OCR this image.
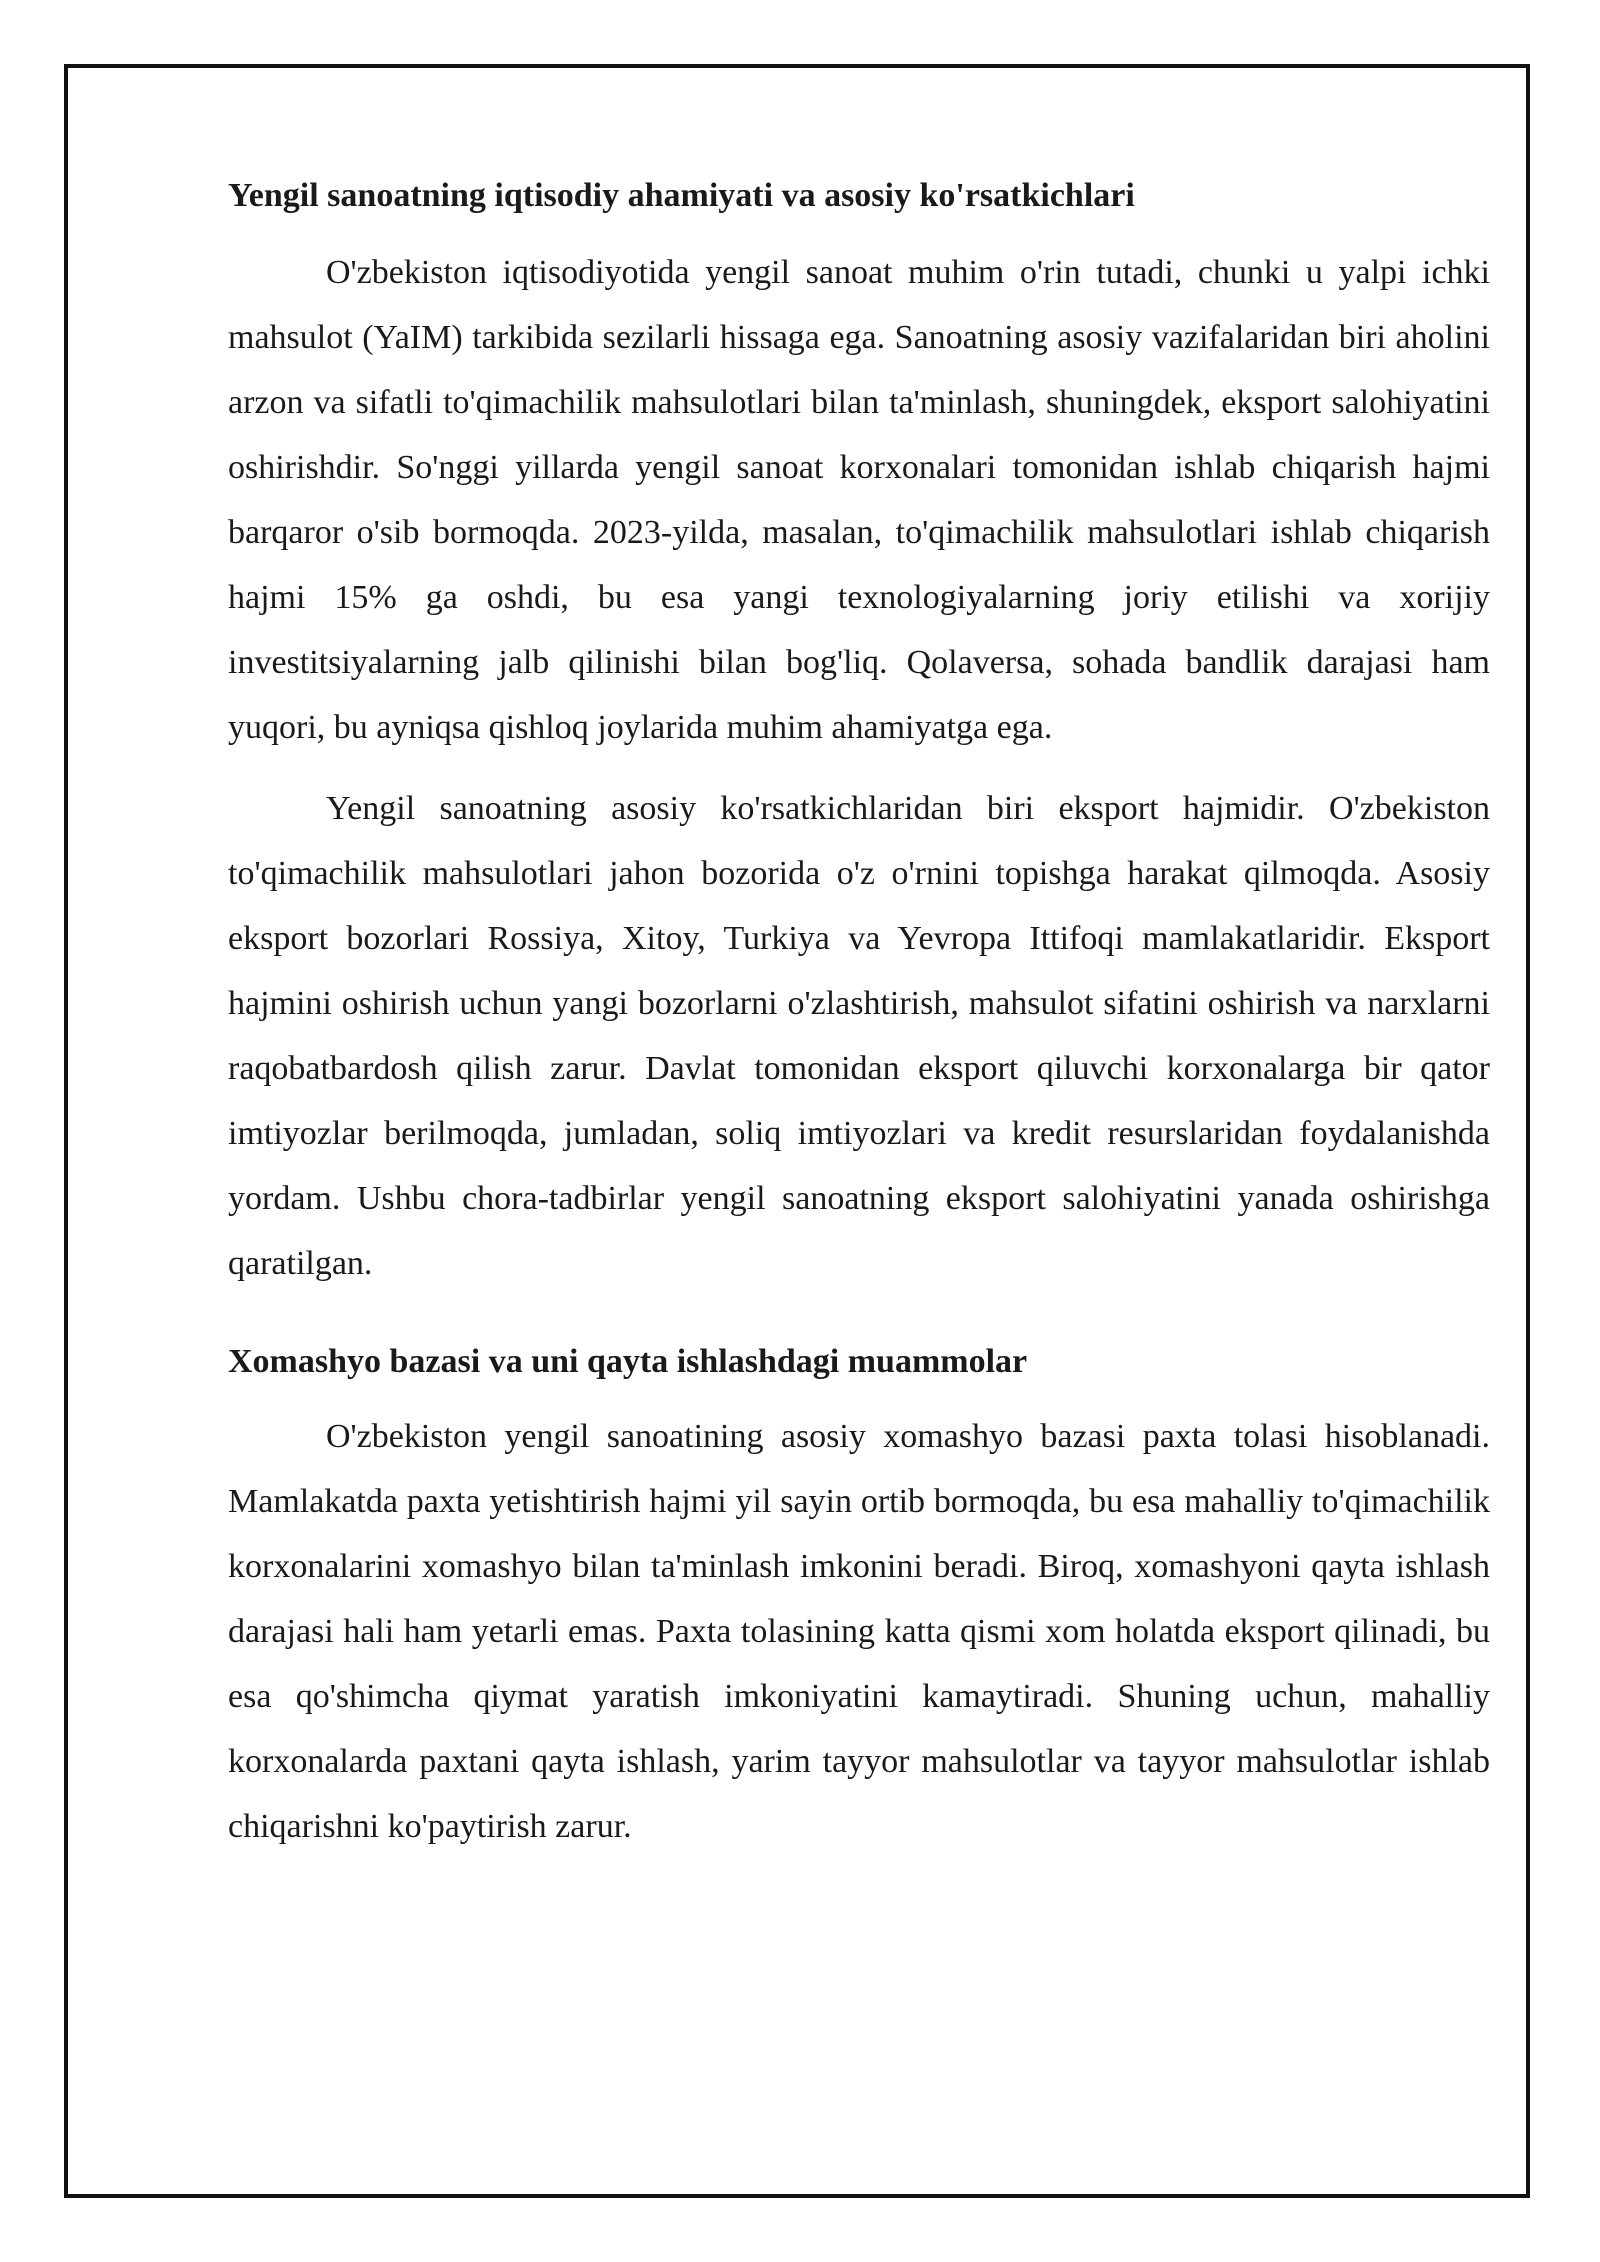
Yengil sanoatning iqtisodiy ahamiyati va asosiy ko'rsatkichlari

O'zbekiston iqtisodiyotida yengil sanoat muhim o'rin tutadi, chunki u yalpi ichki mahsulot (YaIM) tarkibida sezilarli hissaga ega. Sanoatning asosiy vazifalaridan biri aholini arzon va sifatli to'qimachilik mahsulotlari bilan ta'minlash, shuningdek, eksport salohiyatini oshirishdir. So'nggi yillarda yengil sanoat korxonalari tomonidan ishlab chiqarish hajmi barqaror o'sib bormoqda. 2023-yilda, masalan, to'qimachilik mahsulotlari ishlab chiqarish hajmi 15% ga oshdi, bu esa yangi texnologiyalarning joriy etilishi va xorijiy investitsiyalarning jalb qilinishi bilan bog'liq. Qolaversa, sohada bandlik darajasi ham yuqori, bu ayniqsa qishloq joylarida muhim ahamiyatga ega.

Yengil sanoatning asosiy ko'rsatkichlaridan biri eksport hajmidir. O'zbekiston to'qimachilik mahsulotlari jahon bozorida o'z o'rnini topishga harakat qilmoqda. Asosiy eksport bozorlari Rossiya, Xitoy, Turkiya va Yevropa Ittifoqi mamlakatlaridir. Eksport hajmini oshirish uchun yangi bozorlarni o'zlashtirish, mahsulot sifatini oshirish va narxlarni raqobatbardosh qilish zarur. Davlat tomonidan eksport qiluvchi korxonalarga bir qator imtiyozlar berilmoqda, jumladan, soliq imtiyozlari va kredit resurslaridan foydalanishda yordam. Ushbu chora-tadbirlar yengil sanoatning eksport salohiyatini yanada oshirishga qaratilgan.

Xomashyo bazasi va uni qayta ishlashdagi muammolar

O'zbekiston yengil sanoatining asosiy xomashyo bazasi paxta tolasi hisoblanadi. Mamlakatda paxta yetishtirish hajmi yil sayin ortib bormoqda, bu esa mahalliy to'qimachilik korxonalarini xomashyo bilan ta'minlash imkonini beradi. Biroq, xomashyoni qayta ishlash darajasi hali ham yetarli emas. Paxta tolasining katta qismi xom holatda eksport qilinadi, bu esa qo'shimcha qiymat yaratish imkoniyatini kamaytiradi. Shuning uchun, mahalliy korxonalarda paxtani qayta ishlash, yarim tayyor mahsulotlar va tayyor mahsulotlar ishlab chiqarishni ko'paytirish zarur.
